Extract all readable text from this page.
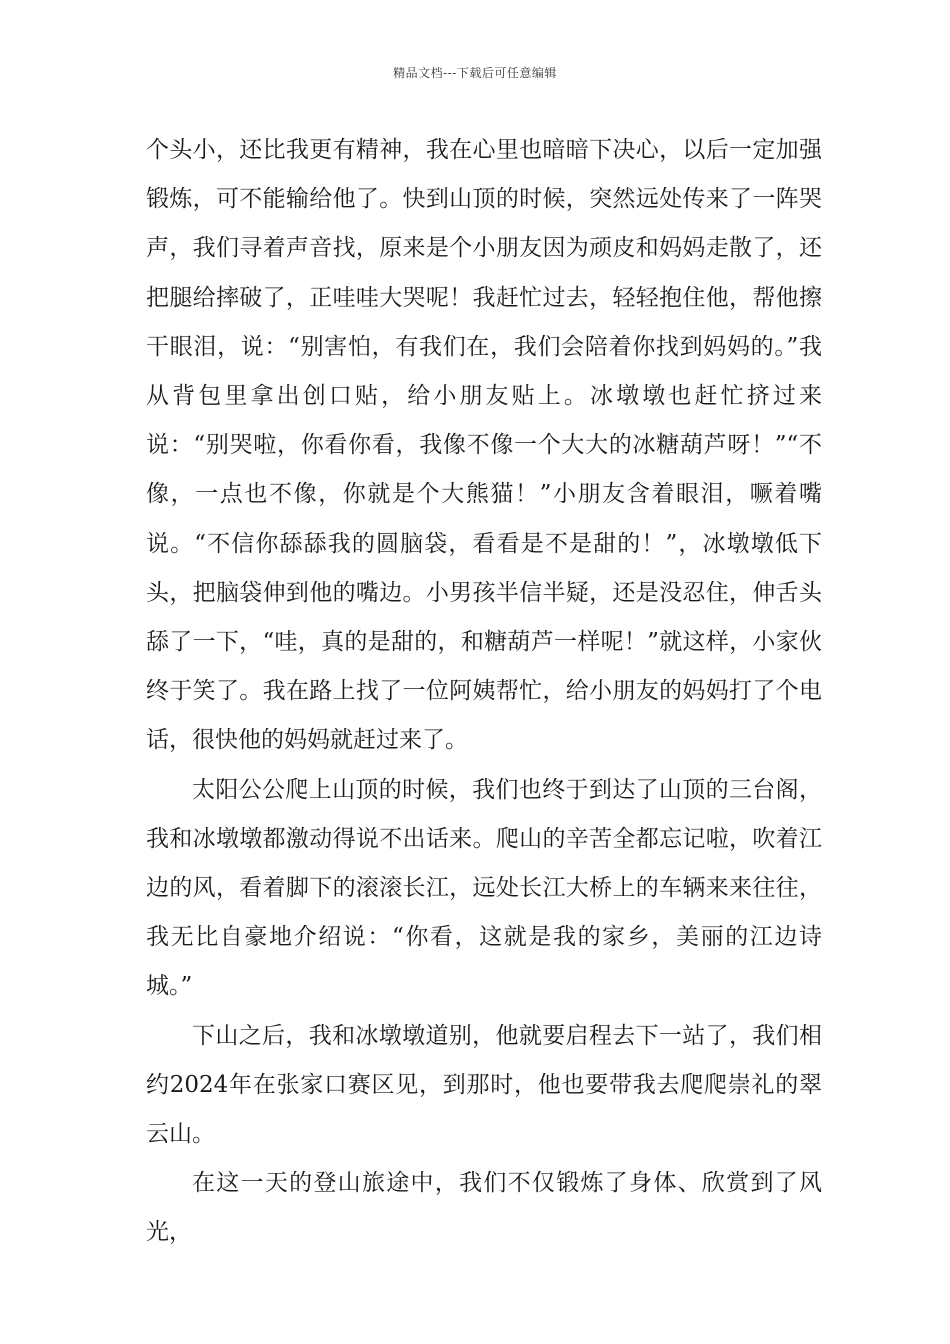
精品文档---下载后可任意编辑

个头小，还比我更有精神，我在心里也暗暗下决心，以后一定加强锻炼，可不能输给他了。快到山顶的时候，突然远处传来了一阵哭声，我们寻着声音找，原来是个小朋友因为顽皮和妈妈走散了，还把腿给摔破了，正哇哇大哭呢！我赶忙过去，轻轻抱住他，帮他擦干眼泪，说：“别害怕，有我们在，我们会陪着你找到妈妈的。”我从背包里拿出创口贴，给小朋友贴上。冰墩墩也赶忙挤过来说：“别哭啦，你看你看，我像不像一个大大的冰糖葫芦呀！”“不像，一点也不像，你就是个大熊猫！”小朋友含着眼泪，噘着嘴说。“不信你舔舔我的圆脑袋，看看是不是甜的！”，冰墩墩低下头，把脑袋伸到他的嘴边。小男孩半信半疑，还是没忍住，伸舌头舔了一下，“哇，真的是甜的，和糖葫芦一样呢！”就这样，小家伙终于笑了。我在路上找了一位阿姨帮忙，给小朋友的妈妈打了个电话，很快他的妈妈就赶过来了。

太阳公公爬上山顶的时候，我们也终于到达了山顶的三台阁，我和冰墩墩都激动得说不出话来。爬山的辛苦全都忘记啦，吹着江边的风，看着脚下的滚滚长江，远处长江大桥上的车辆来来往往，我无比自豪地介绍说：“你看，这就是我的家乡，美丽的江边诗城。”

下山之后，我和冰墩墩道别，他就要启程去下一站了，我们相约2024年在张家口赛区见，到那时，他也要带我去爬爬崇礼的翠云山。

在这一天的登山旅途中，我们不仅锻炼了身体、欣赏到了风光，
